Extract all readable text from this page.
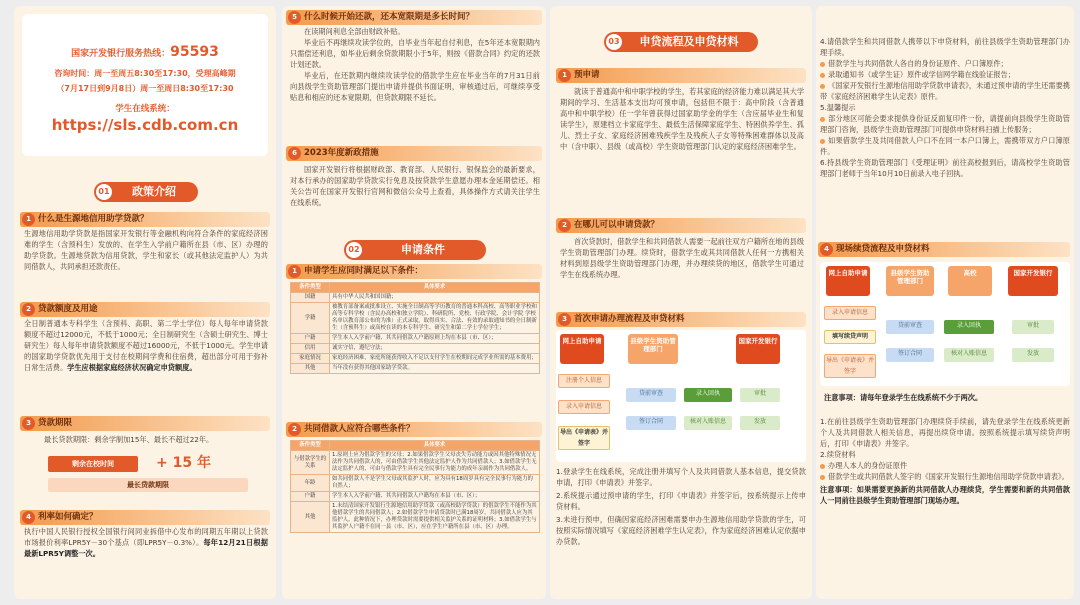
国家开发银行服务热线：95593
咨询时间：周一至周五8:30至17:30，受理高峰期
（7月17日到9月8日）周一至周日8:30至17:30
学生在线系统：
https://sls.cdb.com.cn
01 政策介绍
1 什么是生源地信用助学贷款？
生源地信用助学贷款是指国家开发银行等金融机构向符合条件的家庭经济困难的学生（含预科生）发放的、在学生入学前户籍所在县（市、区）办理的助学贷款。生源地贷款为信用贷款，学生和家长（或其他法定监护人）为共同借款人，共同承担还款责任。
2 贷款额度及用途
全日制普通本专科学生（含预科、高职、第二学士学位）每人每年申请贷款额度不超过12000元，不低于1000元；全日制研究生（含硕士研究生、博士研究生）每人每年申请贷款额度不超过16000元，不低于1000元。学生申请的国家助学贷款优先用于支付在校期间学费和住宿费，超出部分可用于弥补日常生活费。学生应根据家庭经济状况确定申贷额度。
3 贷款期限
最长贷款期限：剩余学制加15年、最长不超过22年。
剩余在校时间	+ 15 年
最长贷款期限
4 利率如何确定？
执行中国人民银行授权全国银行间同业拆借中心发布的同期五年期以上贷款市场报价利率LPR5Y－30个基点（即LPR5Y－0.3%）。每年12月21日根据最新LPR5Y调整一次。
5 什么时候开始还款，还本宽限期是多长时间？
在读期间利息全部由财政补贴。
毕业后不再继续攻读学位的，自毕业当年起自付利息，在5年还本宽限期内只需偿还利息，如毕业后剩余贷款期限小于5年，则按《借款合同》约定的还款计划还款。
毕业后，在还款期内继续攻读学位的借款学生应在毕业当年的7月31日前向县级学生资助管理部门提出申请并提供书面证明，审核通过后，可继续享受贴息和相应的还本宽限期，但贷款期限不延长。
6 2023年度新政措施
国家开发银行将根据财政部、教育部、人民银行、银保监会的最新要求，对本行承办的国家助学贷款实行免息及按贷款学生意愿办理本金延期偿还。相关公告可在国家开发银行官网和微信公众号上查看，具体操作方式请关注学生在线系统。
02	申请条件
1 申请学生应同时满足以下条件：
条件类型	具体要求
国籍	具有中华人民共和国国籍；
学籍	被教育部备案或批准设立、实施全日制高等学历教育的普通本科高校、高等职业学校和高等专科学校（含民办高校和独立学院）、科研院所、党校、行政学院、会计学院 学校名单以教育部公布的为准）正式录取，取得真实、合法、有效的录取通知书的全日制新生（含预科生）或高校在读的本专科学生、研究生和第二学士学位学生；
户籍	学生本人入学前户籍、其共同借款人户籍原则上均在本县（市、区）；
信用	诚实守信，遵纪守法；
家庭情况	家庭经济困难，家庭所能获得收入不足以支付学生在校期间完成学业所需的基本费用；
其他	当年没有获得其他国家助学贷款。
2 共同借款人应符合哪些条件？
条件类型	具体要求
与借款学生的关系	1.原则上应为借款学生的父母；2.如果借款学生父母丧失劳动能力或因其他特殊情况无法作为共同借款人的，可由借款学生其他法定监护人作为共同借款人；3.如借款学生无法定监护人的，可由与借款学生具有完全民事行为能力的成年亲属作为共同借款人。
年龄	如共同借款人不是学生父母或其监护人时，应为具有18周岁具有完全民事行为能力的自然人；
户籍	学生本人入学前户籍、其共同借款人户籍均在本县（市、区）；
其他	1.未结清国家开发银行生源地信用助学贷款（或高校助学贷款）的借款学生不能作为其他借款学生的共同借款人；2.如借款学生申请贷款时已满18周岁，共同借款人应为其监护人，此种情况下，办理贷款时需要提供相关监护关系的证明材料；3.如借款学生与其监护人户籍不在同一县（市、区），应在学生户籍所在县（市、区）办理。
03 申贷流程及申贷材料
1 预申请
就读于普通高中和中职学校的学生，若其家庭的经济能力难以满足其大学期间的学习、生活基本支出均可预申请，包括但不限于：高中阶段（含普通高中和中职学校）任一学年曾获得过国家助学金的学生（含应届毕业生和复读学生），原建档立卡家庭学生、最低生活保障家庭学生、特困供养学生、孤儿、烈士子女、家庭经济困难残疾学生及残疾人子女等特殊困难群体以及高中（含中职）、县级（或高校）学生资助管理部门认定的家庭经济困难学生。
2 在哪儿可以申请贷款？
首次贷款时，借款学生和共同借款人需要一起前往双方户籍所在地的县级学生资助管理部门办理。续贷时，借款学生或其共同借款人任何一方携相关材料到原县级学生资助管理部门办理，并办理续贷的地区，借款学生可通过学生在线系统办理。
3 首次申请办理流程及申贷材料
网上自助申请	县级学生资助管理部门
国家开发银行
注册个人信息
录入申请信息
导出《申请表》并签字
贷前审查
签订合同
录入回执
核对入账信息
审批
发放
1.登录学生在线系统，完成注册并填写个人及共同借款人基本信息，提交贷款申请，打印《申请表》并签字。
2.系统提示通过预申请的学生，打印《申请表》并签字后，按系统提示上传申贷材料。
3.未进行预申，但确因家庭经济困难需要申办生源地信用助学贷款的学生，可按照实际情况填写《家庭经济困难学生认定表》，作为家庭经济困难认定依据申办贷款。
4.请借款学生和共同借款人携带以下申贷材料，前往县级学生资助管理部门办理手续。
借款学生与共同借款人各自的身份证原件、户口簿原件；
录取通知书（或学生证）原件或学信网学籍在线验证报告；
《国家开发银行生源地信用助学贷款申请表》，未通过预申请的学生还需要携带《家庭经济困难学生认定表》原件。
5.温馨提示
部分地区可能会要求提供身份证反面复印件一份，请提前向县级学生资助管理部门咨询，县级学生资助管理部门可提供申贷材料扫描上传服务；
如果借款学生及共同借款人户口不在同一本户口簿上，需携带双方户口簿原件。
6.持县级学生资助管理部门《受理证明》前往高校报到后，请高校学生资助管理部门老师于当年10月10日前录入电子回执。
4 现场续贷流程及申贷材料
网上自助申请	县级学生资助管理部门
高校	国家开发银行
录入申请信息
填写续贷声明
导出《申请表》并签字
贷前审查
签订合同
录入回执
核对入账信息
审批
发放
注意事项：请每年登录学生在线系统不少于两次。
1.在前往县级学生资助管理部门办理续贷手续前，请先登录学生在线系统更新个人及共同借款人相关信息，再提出续贷申请。按照系统提示填写续贷声明后，打印《申请表》并签字。
2.续贷材料
办理人本人的身份证原件
借款学生或共同借款人签字的《国家开发银行生源地信用助学贷款申请表》。
注意事项：如果需要更换新的共同借款人办理续贷，学生需要和新的共同借款人一同前往县级学生资助管理部门现场办理。
